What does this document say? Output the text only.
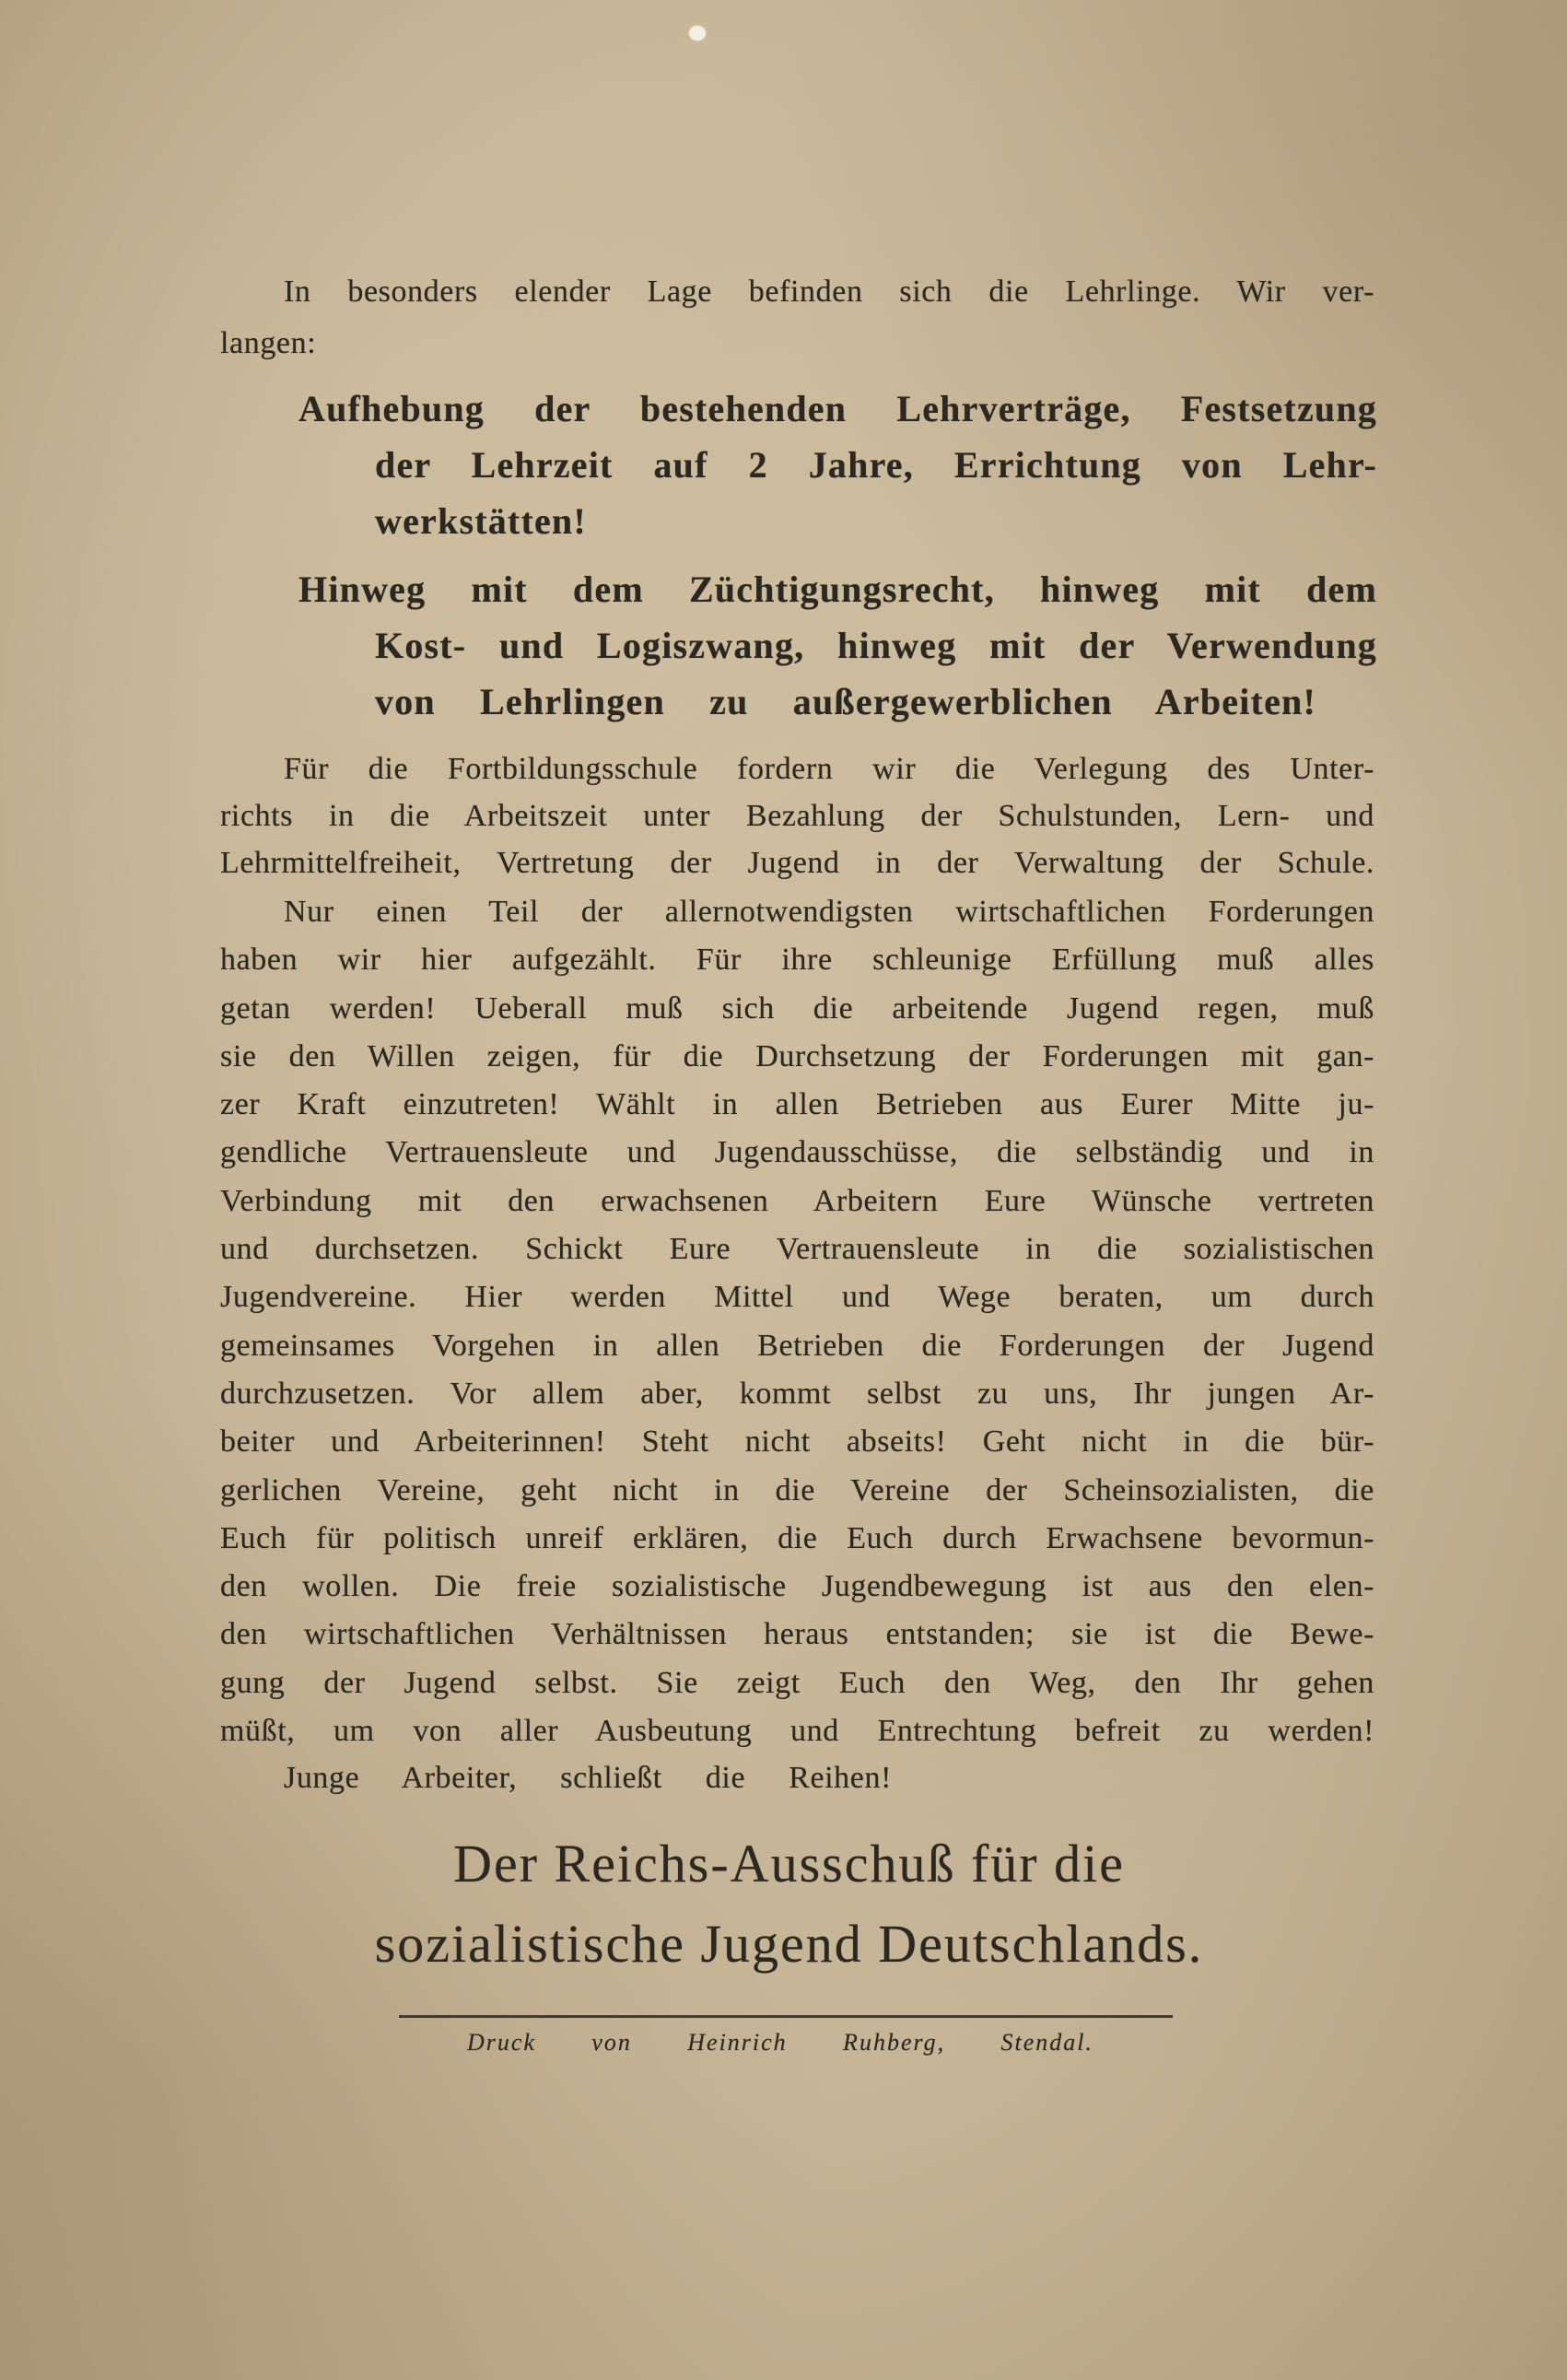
In besonders elender Lage befinden sich die Lehrlinge. Wir ver-
langen:
Aufhebung der bestehenden Lehrverträge, Festsetzung
der Lehrzeit auf 2 Jahre, Errichtung von Lehr-
werkstätten!
Hinweg mit dem Züchtigungsrecht, hinweg mit dem
Kost- und Logiszwang, hinweg mit der Verwendung
von Lehrlingen zu außergewerblichen Arbeiten!
Für die Fortbildungsschule fordern wir die Verlegung des Unter-
richts in die Arbeitszeit unter Bezahlung der Schulstunden, Lern- und
Lehrmittelfreiheit, Vertretung der Jugend in der Verwaltung der Schule.
Nur einen Teil der allernotwendigsten wirtschaftlichen Forderungen
haben wir hier aufgezählt. Für ihre schleunige Erfüllung muß alles
getan werden! Ueberall muß sich die arbeitende Jugend regen, muß
sie den Willen zeigen, für die Durchsetzung der Forderungen mit gan-
zer Kraft einzutreten! Wählt in allen Betrieben aus Eurer Mitte ju-
gendliche Vertrauensleute und Jugendausschüsse, die selbständig und in
Verbindung mit den erwachsenen Arbeitern Eure Wünsche vertreten
und durchsetzen. Schickt Eure Vertrauensleute in die sozialistischen
Jugendvereine. Hier werden Mittel und Wege beraten, um durch
gemeinsames Vorgehen in allen Betrieben die Forderungen der Jugend
durchzusetzen. Vor allem aber, kommt selbst zu uns, Ihr jungen Ar-
beiter und Arbeiterinnen! Steht nicht abseits! Geht nicht in die bür-
gerlichen Vereine, geht nicht in die Vereine der Scheinsozialisten, die
Euch für politisch unreif erklären, die Euch durch Erwachsene bevormun-
den wollen. Die freie sozialistische Jugendbewegung ist aus den elen-
den wirtschaftlichen Verhältnissen heraus entstanden; sie ist die Bewe-
gung der Jugend selbst. Sie zeigt Euch den Weg, den Ihr gehen
müßt, um von aller Ausbeutung und Entrechtung befreit zu werden!
Junge Arbeiter, schließt die Reihen!
Der Reichs-Ausschuß für die
sozialistische Jugend Deutschlands.
Druck von Heinrich Ruhberg, Stendal.
